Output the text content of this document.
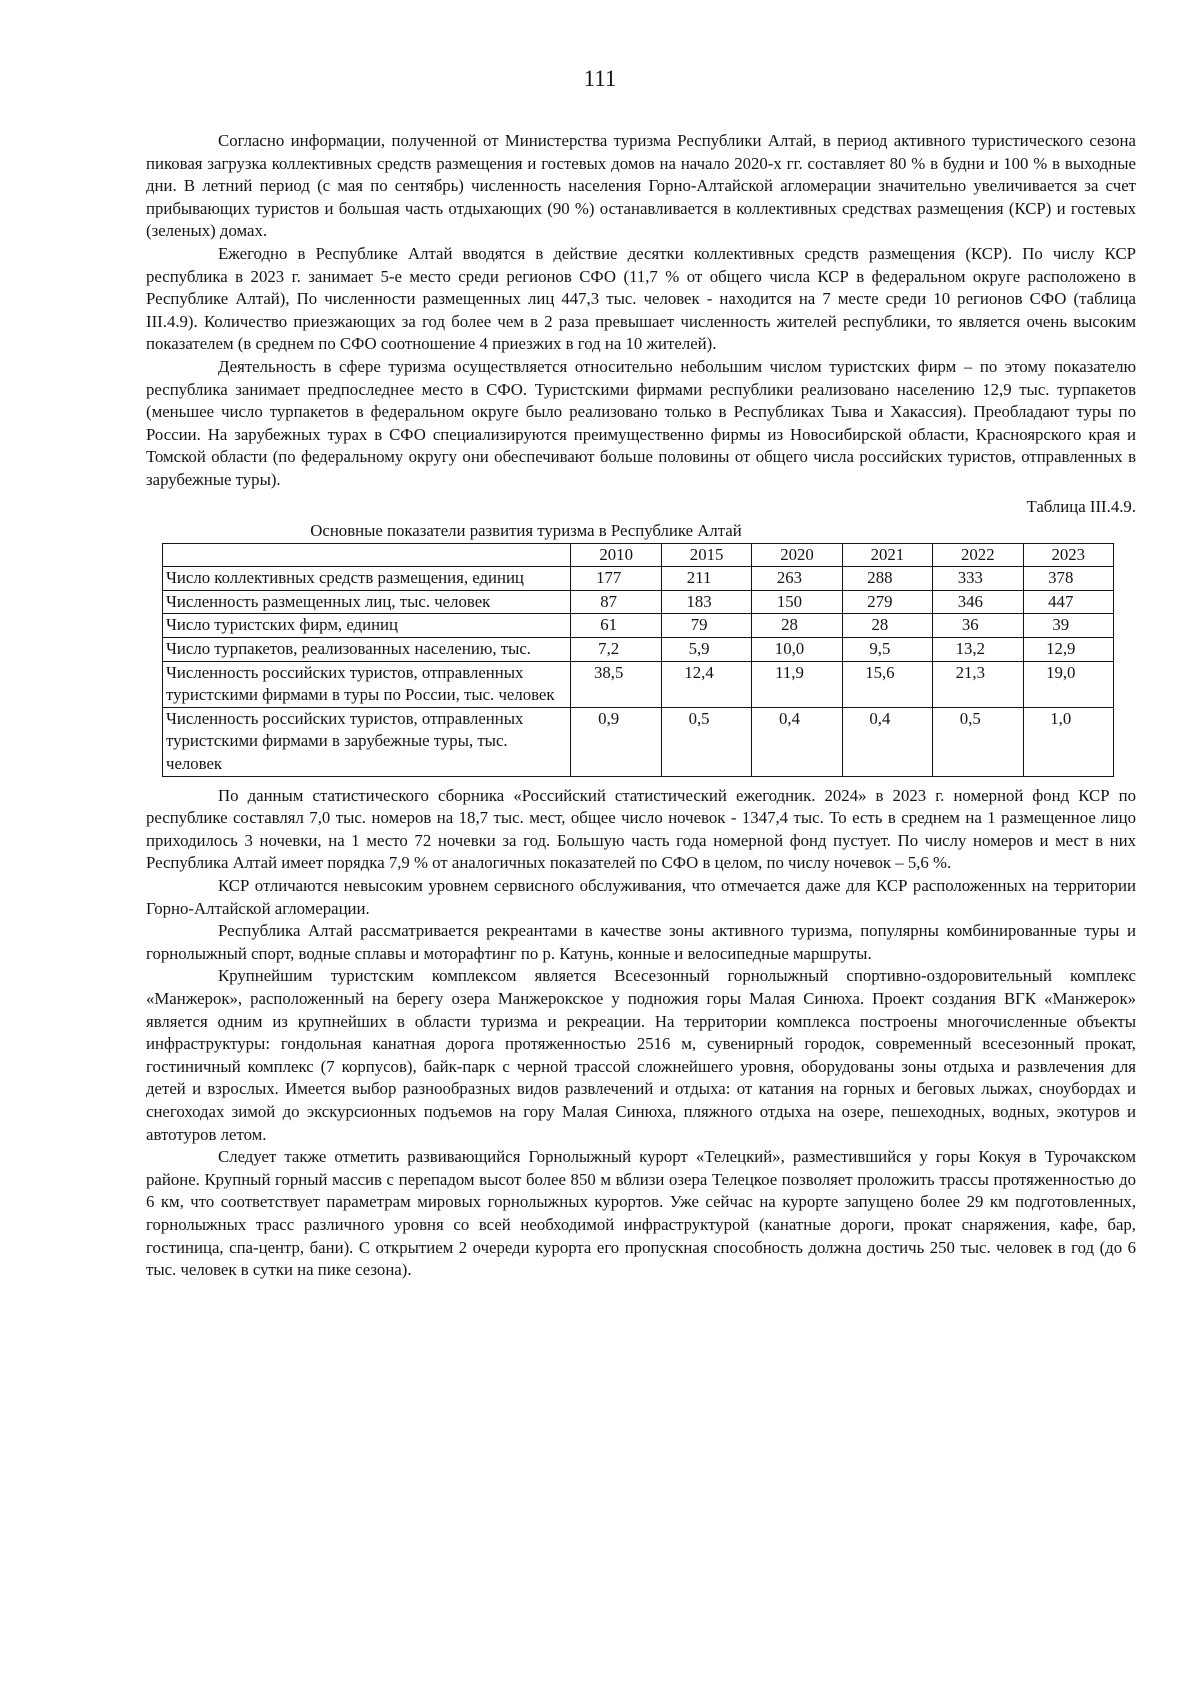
111

Согласно информации, полученной от Министерства туризма Республики Алтай, в период активного туристического сезона пиковая загрузка коллективных средств размещения и гостевых домов на начало 2020-х гг. составляет 80 % в будни и 100 % в выходные дни. В летний период (с мая по сентябрь) численность населения Горно-Алтайской агломерации значительно увеличивается за счет прибывающих туристов и большая часть отдыхающих (90 %) останавливается в коллективных средствах размещения (КСР) и гостевых (зеленых) домах.

Ежегодно в Республике Алтай вводятся в действие десятки коллективных средств размещения (КСР). По числу КСР республика в 2023 г. занимает 5-е место среди регионов СФО (11,7 % от общего числа КСР в федеральном округе расположено в Республике Алтай), По численности размещенных лиц 447,3 тыс. человек - находится на 7 месте среди 10 регионов СФО (таблица III.4.9). Количество приезжающих за год более чем в 2 раза превышает численность жителей республики, то является очень высоким показателем (в среднем по СФО соотношение 4 приезжих в год на 10 жителей).

Деятельность в сфере туризма осуществляется относительно небольшим числом туристских фирм – по этому показателю республика занимает предпоследнее место в СФО. Туристскими фирмами республики реализовано населению 12,9 тыс. турпакетов (меньшее число турпакетов в федеральном округе было реализовано только в Республиках Тыва и Хакассия). Преобладают туры по России. На зарубежных турах в СФО специализируются преимущественно фирмы из Новосибирской области, Красноярского края и Томской области (по федеральному округу они обеспечивают больше половины от общего числа российских туристов, отправленных в зарубежные туры).

Таблица III.4.9.
Основные показатели развития туризма в Республике Алтай
	2010	2015	2020	2021	2022	2023
Число коллективных средств размещения, единиц	177	211	263	288	333	378
Численность размещенных лиц, тыс. человек	87	183	150	279	346	447
Число туристских фирм, единиц	61	79	28	28	36	39
Число турпакетов, реализованных населению, тыс.	7,2	5,9	10,0	9,5	13,2	12,9
Численность российских туристов, отправленных туристскими фирмами в туры по России, тыс. человек	38,5	12,4	11,9	15,6	21,3	19,0
Численность российских туристов, отправленных туристскими фирмами в зарубежные туры, тыс. человек	0,9	0,5	0,4	0,4	0,5	1,0

По данным статистического сборника «Российский статистический ежегодник. 2024» в 2023 г. номерной фонд КСР по республике составлял 7,0 тыс. номеров на 18,7 тыс. мест, общее число ночевок - 1347,4 тыс. То есть в среднем на 1 размещенное лицо приходилось 3 ночевки, на 1 место 72 ночевки за год. Большую часть года номерной фонд пустует. По числу номеров и мест в них Республика Алтай имеет порядка 7,9 % от аналогичных показателей по СФО в целом, по числу ночевок – 5,6 %.

КСР отличаются невысоким уровнем сервисного обслуживания, что отмечается даже для КСР расположенных на территории Горно-Алтайской агломерации.

Республика Алтай рассматривается рекреантами в качестве зоны активного туризма, популярны комбинированные туры и горнолыжный спорт, водные сплавы и моторафтинг по р. Катунь, конные и велосипедные маршруты.

Крупнейшим туристским комплексом является Всесезонный горнолыжный спортивно-оздоровительный комплекс «Манжерок», расположенный на берегу озера Манжерокское у подножия горы Малая Синюха. Проект создания ВГК «Манжерок» является одним из крупнейших в области туризма и рекреации. На территории комплекса построены многочисленные объекты инфраструктуры: гондольная канатная дорога протяженностью 2516 м, сувенирный городок, современный всесезонный прокат, гостиничный комплекс (7 корпусов), байк-парк с черной трассой сложнейшего уровня, оборудованы зоны отдыха и развлечения для детей и взрослых. Имеется выбор разнообразных видов развлечений и отдыха: от катания на горных и беговых лыжах, сноубордах и снегоходах зимой до экскурсионных подъемов на гору Малая Синюха, пляжного отдыха на озере, пешеходных, водных, экотуров и автотуров летом.

Следует также отметить развивающийся Горнолыжный курорт «Телецкий», разместившийся у горы Кокуя в Турочакском районе. Крупный горный массив с перепадом высот более 850 м вблизи озера Телецкое позволяет проложить трассы протяженностью до 6 км, что соответствует параметрам мировых горнолыжных курортов. Уже сейчас на курорте запущено более 29 км подготовленных, горнолыжных трасс различного уровня со всей необходимой инфраструктурой (канатные дороги, прокат снаряжения, кафе, бар, гостиница, спа-центр, бани). С открытием 2 очереди курорта его пропускная способность должна достичь 250 тыс. человек в год (до 6 тыс. человек в сутки на пике сезона).
